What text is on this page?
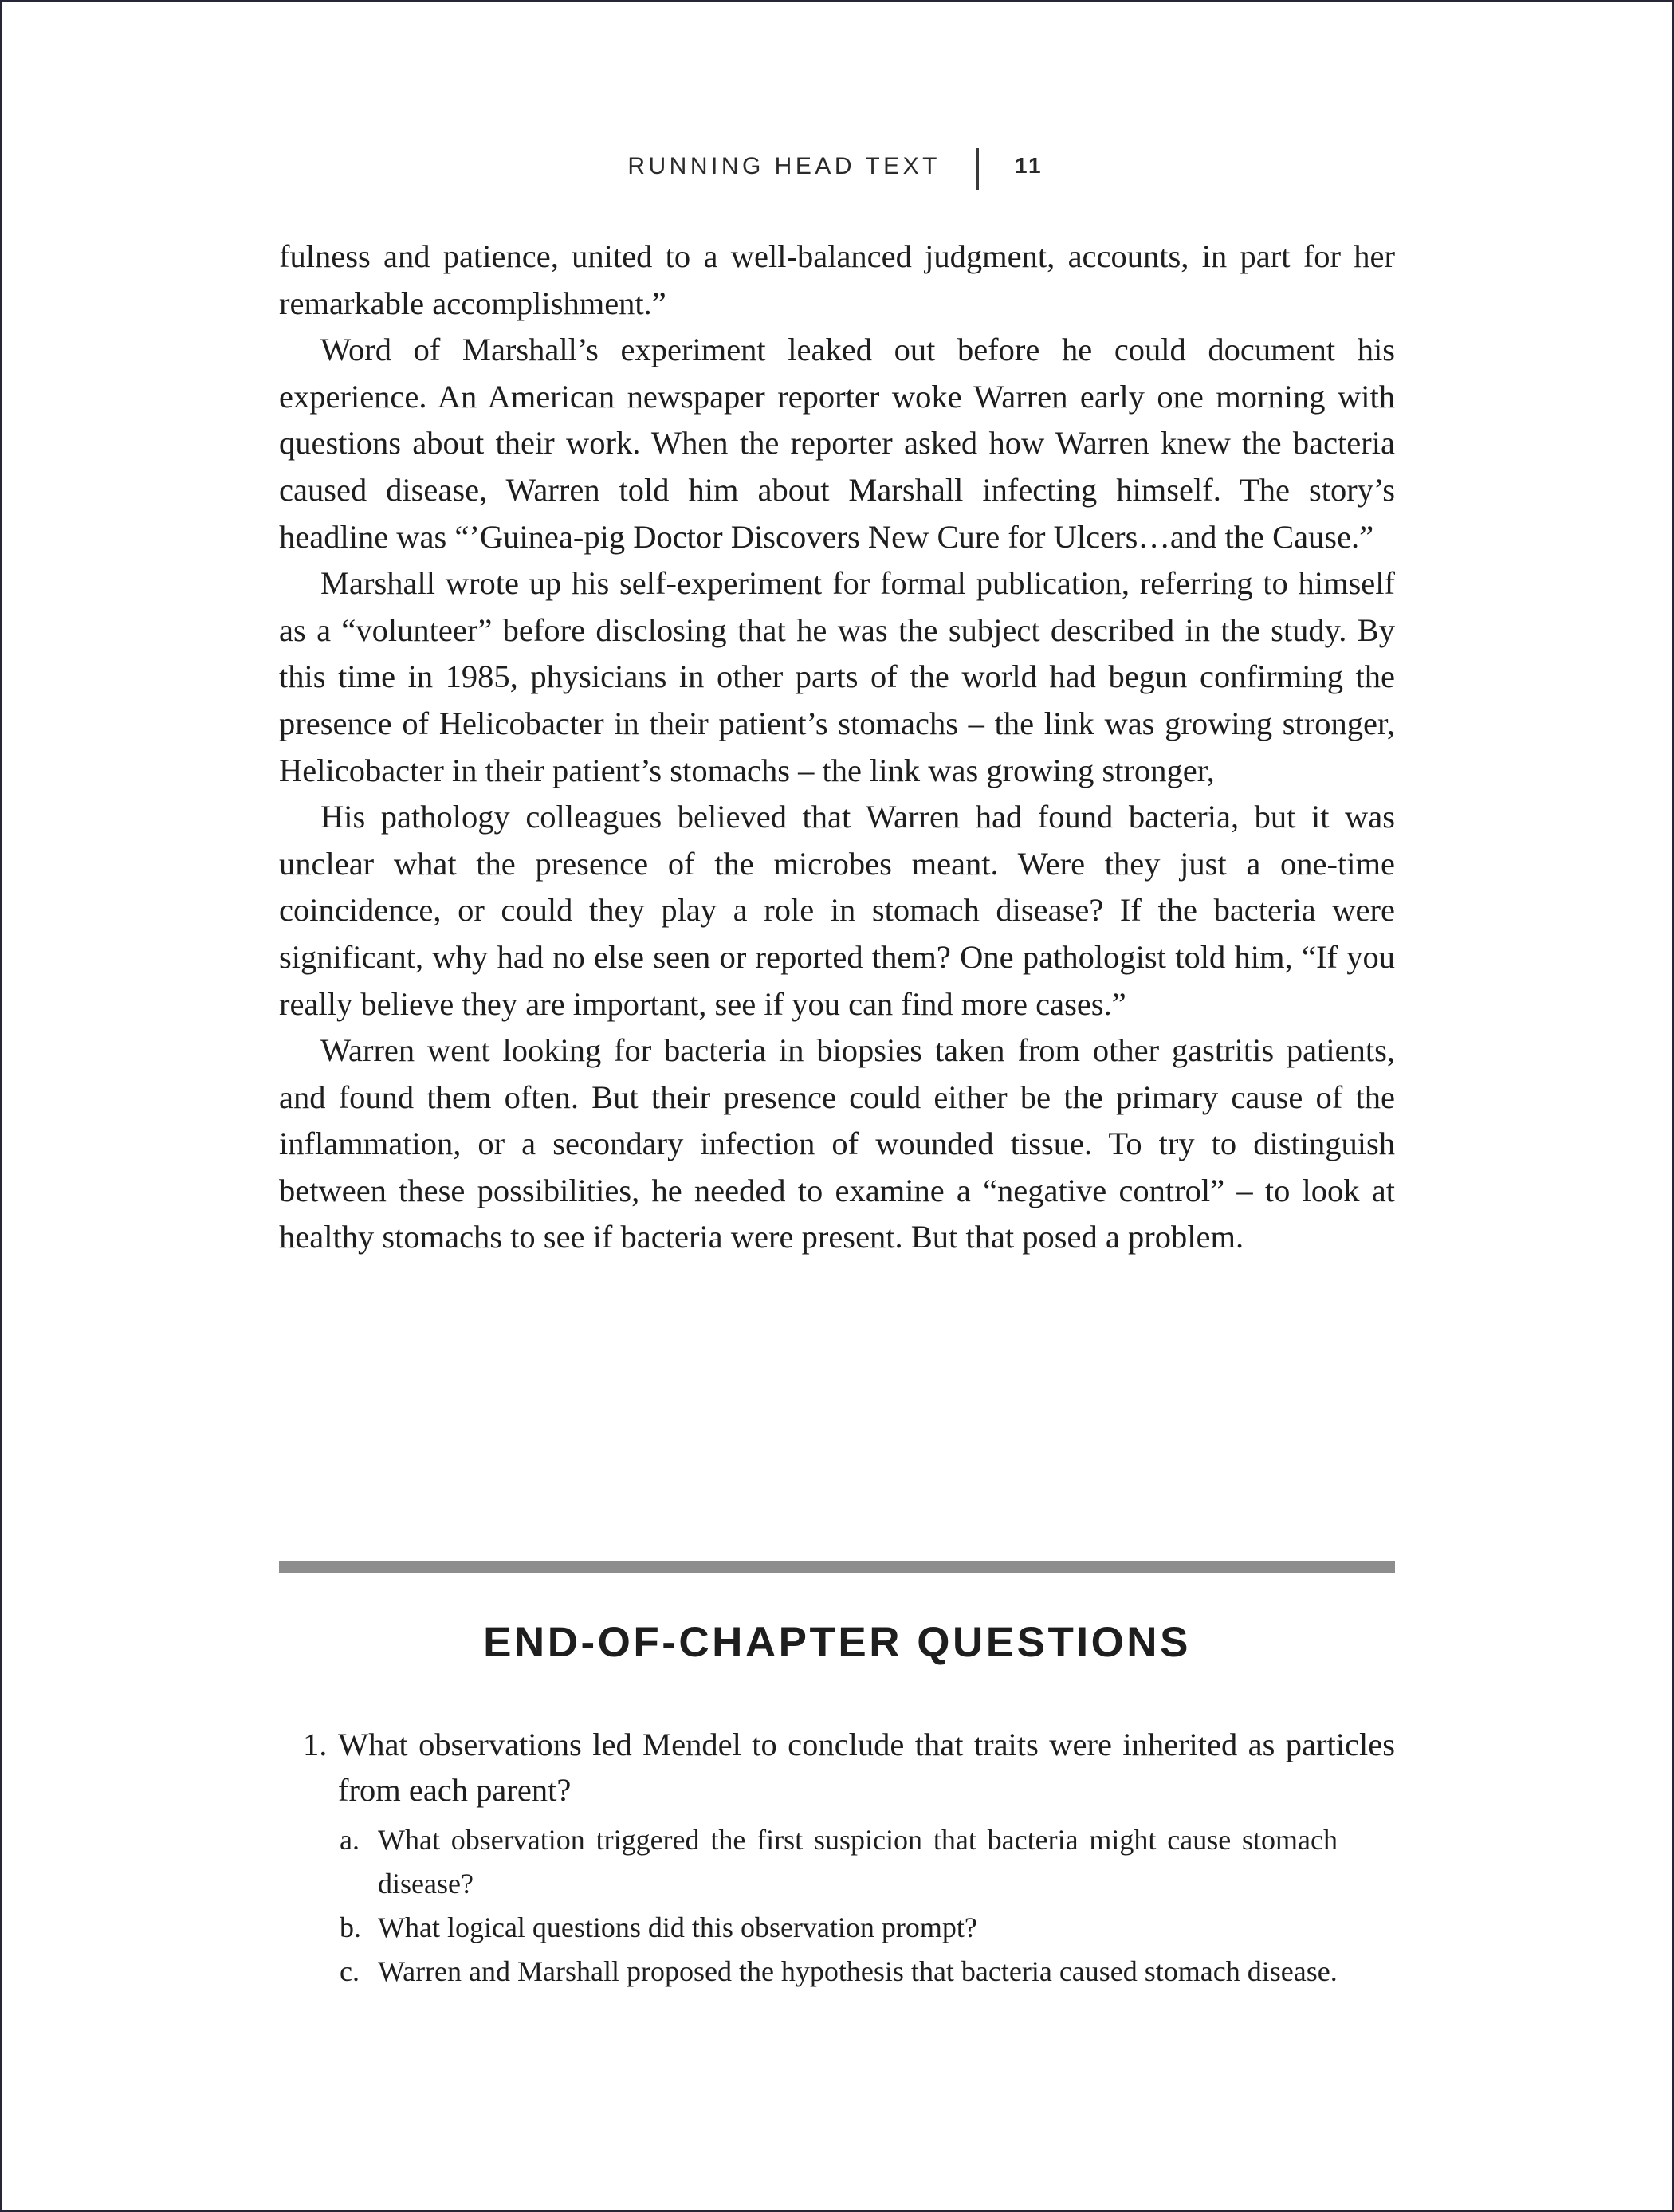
RUNNING HEAD TEXT	11

fulness and patience, united to a well-balanced judgment, accounts, in part for her remarkable accomplishment.”

Word of Marshall’s experiment leaked out before he could document his experience. An American newspaper reporter woke Warren early one morning with questions about their work. When the reporter asked how Warren knew the bacteria caused disease, Warren told him about Marshall infecting himself. The story’s headline was “’Guinea-pig Doctor Discovers New Cure for Ulcers…and the Cause.”

Marshall wrote up his self-experiment for formal publication, referring to himself as a “volunteer” before disclosing that he was the subject described in the study. By this time in 1985, physicians in other parts of the world had begun confirming the presence of Helicobacter in their patient’s stomachs – the link was growing stronger, Helicobacter in their patient’s stomachs – the link was growing stronger,

His pathology colleagues believed that Warren had found bacteria, but it was unclear what the presence of the microbes meant. Were they just a one-time coincidence, or could they play a role in stomach disease? If the bacteria were significant, why had no else seen or reported them? One pathologist told him, “If you really believe they are important, see if you can find more cases.”

Warren went looking for bacteria in biopsies taken from other gastritis patients, and found them often. But their presence could either be the primary cause of the inflammation, or a secondary infection of wounded tissue. To try to distinguish between these possibilities, he needed to examine a “negative control” – to look at healthy stomachs to see if bacteria were present. But that posed a problem.

END-OF-CHAPTER QUESTIONS
1. What observations led Mendel to conclude that traits were inherited as particles from each parent?
a. What observation triggered the first suspicion that bacteria might cause stomach disease?
b. What logical questions did this observation prompt?
c. Warren and Marshall proposed the hypothesis that bacteria caused stomach disease.
